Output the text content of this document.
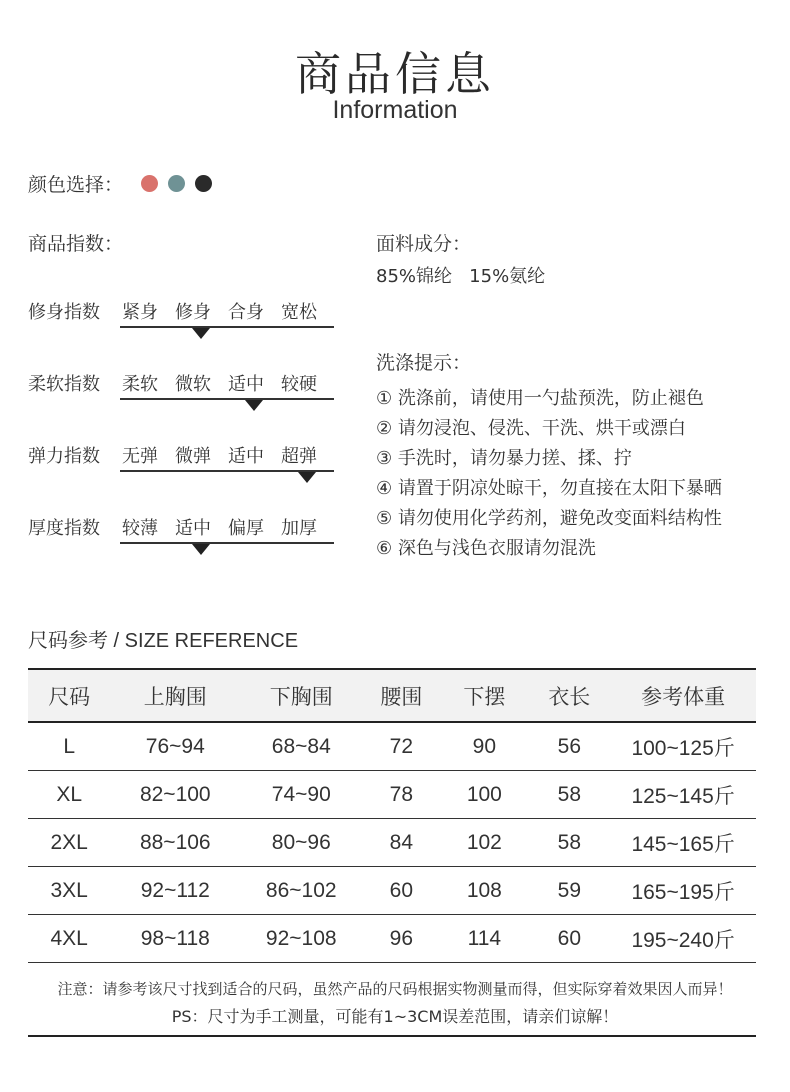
商品信息
Information
颜色选择：
商品指数：
修身指数 紧身 修身 合身 宽松
柔软指数 柔软 微软 适中 较硬
弹力指数 无弹 微弹 适中 超弹
厚度指数 较薄 适中 偏厚 加厚
面料成分：
85%锦纶   15%氨纶
洗涤提示：
① 洗涤前，请使用一勺盐预洗，防止褪色
② 请勿浸泡、侵洗、干洗、烘干或漂白
③ 手洗时，请勿暴力搓、揉、拧
④ 请置于阴凉处晾干，勿直接在太阳下暴晒
⑤ 请勿使用化学药剂，避免改变面料结构性
⑥ 深色与浅色衣服请勿混洗
尺码参考 / SIZE REFERENCE
尺码	上胸围	下胸围	腰围	下摆	衣长	参考体重
L	76~94	68~84	72	90	56	100~125斤
XL	82~100	74~90	78	100	58	125~145斤
2XL	88~106	80~96	84	102	58	145~165斤
3XL	92~112	86~102	60	108	59	165~195斤
4XL	98~118	92~108	96	114	60	195~240斤
注意：请参考该尺寸找到适合的尺码，虽然产品的尺码根据实物测量而得，但实际穿着效果因人而异！
PS：尺寸为手工测量，可能有1~3CM误差范围，请亲们谅解！
